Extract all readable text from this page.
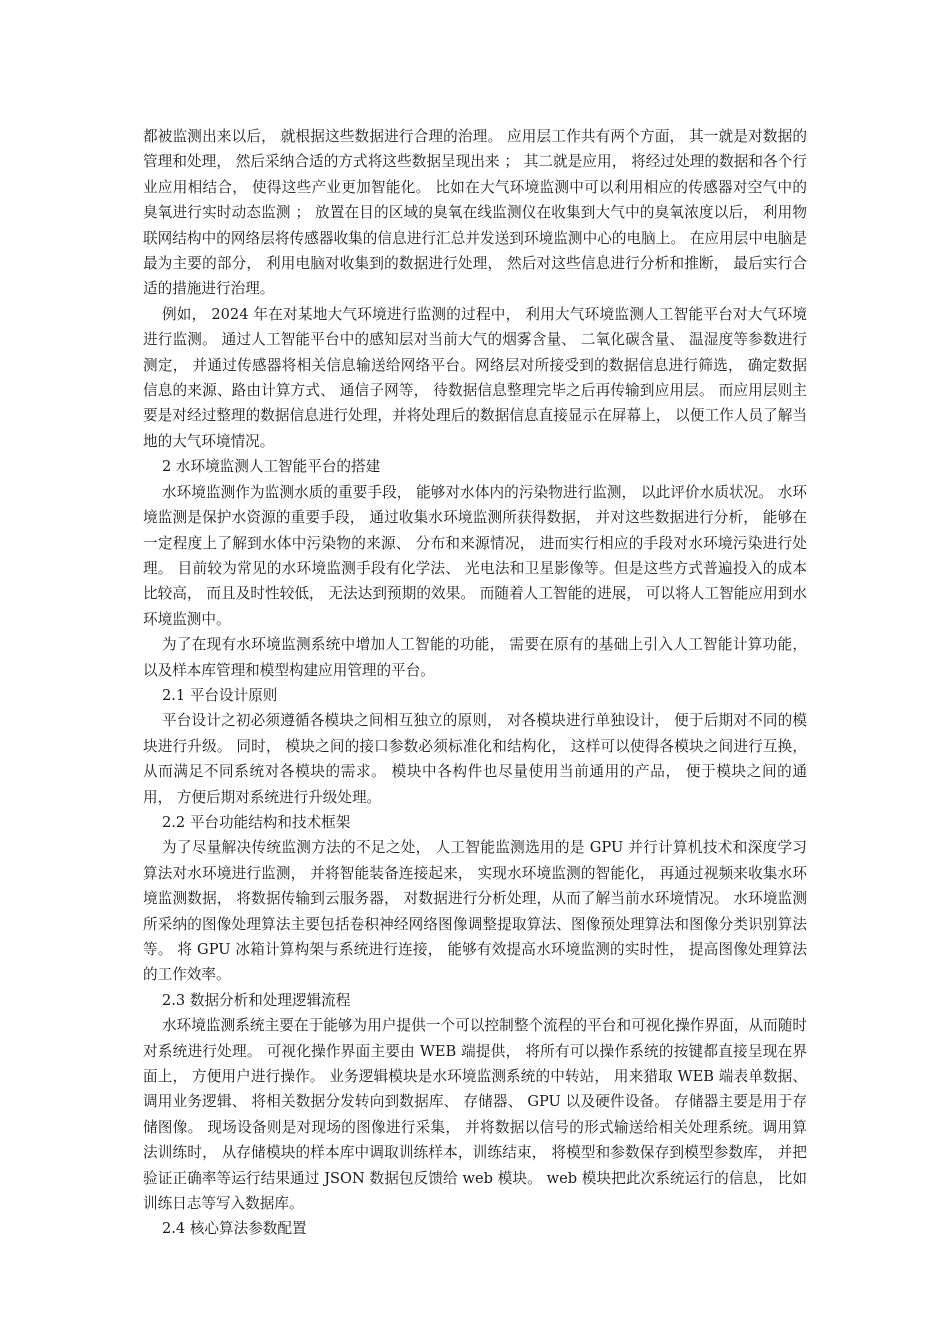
都被监测出来以后， 就根据这些数据进行合理的治理。 应用层工作共有两个方面， 其一就是对数据的管理和处理， 然后采纳合适的方式将这些数据呈现出来 ； 其二就是应用， 将经过处理的数据和各个行业应用相结合， 使得这些产业更加智能化。 比如在大气环境监测中可以利用相应的传感器对空气中的臭氧进行实时动态监测 ； 放置在目的区域的臭氧在线监测仪在收集到大气中的臭氧浓度以后， 利用物联网结构中的网络层将传感器收集的信息进行汇总并发送到环境监测中心的电脑上。 在应用层中电脑是最为主要的部分， 利用电脑对收集到的数据进行处理， 然后对这些信息进行分析和推断， 最后实行合适的措施进行治理。

例如， 2024 年在对某地大气环境进行监测的过程中， 利用大气环境监测人工智能平台对大气环境进行监测。 通过人工智能平台中的感知层对当前大气的烟雾含量、 二氧化碳含量、 温湿度等参数进行测定， 并通过传感器将相关信息输送给网络平台。网络层对所接受到的数据信息进行筛选， 确定数据信息的来源、路由计算方式、 通信子网等， 待数据信息整理完毕之后再传输到应用层。 而应用层则主要是对经过整理的数据信息进行处理，并将处理后的数据信息直接显示在屏幕上， 以便工作人员了解当地的大气环境情况。

2 水环境监测人工智能平台的搭建

水环境监测作为监测水质的重要手段， 能够对水体内的污染物进行监测， 以此评价水质状况。 水环境监测是保护水资源的重要手段， 通过收集水环境监测所获得数据， 并对这些数据进行分析， 能够在一定程度上了解到水体中污染物的来源、 分布和来源情况， 进而实行相应的手段对水环境污染进行处理。 目前较为常见的水环境监测手段有化学法、 光电法和卫星影像等。但是这些方式普遍投入的成本比较高， 而且及时性较低， 无法达到预期的效果。 而随着人工智能的进展， 可以将人工智能应用到水环境监测中。

为了在现有水环境监测系统中增加人工智能的功能， 需要在原有的基础上引入人工智能计算功能， 以及样本库管理和模型构建应用管理的平台。

2.1 平台设计原则

平台设计之初必须遵循各模块之间相互独立的原则， 对各模块进行单独设计， 便于后期对不同的模块进行升级。 同时， 模块之间的接口参数必须标准化和结构化， 这样可以使得各模块之间进行互换， 从而满足不同系统对各模块的需求。 模块中各构件也尽量使用当前通用的产品， 便于模块之间的通用， 方便后期对系统进行升级处理。

2.2 平台功能结构和技术框架

为了尽量解决传统监测方法的不足之处， 人工智能监测选用的是 GPU 并行计算机技术和深度学习算法对水环境进行监测， 并将智能装备连接起来， 实现水环境监测的智能化， 再通过视频来收集水环境监测数据， 将数据传输到云服务器， 对数据进行分析处理，从而了解当前水环境情况。 水环境监测所采纳的图像处理算法主要包括卷积神经网络图像调整提取算法、图像预处理算法和图像分类识别算法等。 将 GPU 冰箱计算构架与系统进行连接， 能够有效提高水环境监测的实时性， 提高图像处理算法的工作效率。

2.3 数据分析和处理逻辑流程

水环境监测系统主要在于能够为用户提供一个可以控制整个流程的平台和可视化操作界面，从而随时对系统进行处理。 可视化操作界面主要由 WEB 端提供， 将所有可以操作系统的按键都直接呈现在界面上， 方便用户进行操作。 业务逻辑模块是水环境监测系统的中转站， 用来猎取 WEB 端表单数据、 调用业务逻辑、 将相关数据分发转向到数据库、 存储器、 GPU 以及硬件设备。 存储器主要是用于存储图像。 现场设备则是对现场的图像进行采集， 并将数据以信号的形式输送给相关处理系统。调用算法训练时， 从存储模块的样本库中调取训练样本，训练结束， 将模型和参数保存到模型参数库， 并把验证正确率等运行结果通过 JSON 数据包反馈给 web 模块。 web 模块把此次系统运行的信息， 比如训练日志等写入数据库。

2.4 核心算法参数配置
